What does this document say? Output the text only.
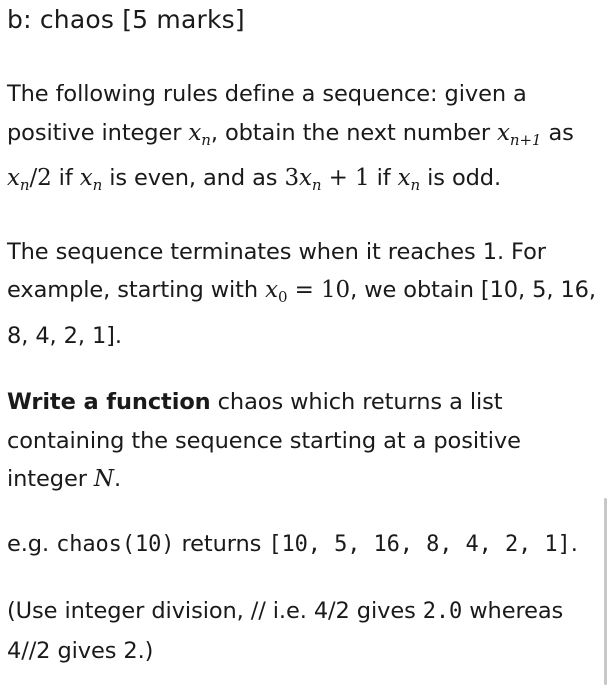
b: chaos [5 marks]

The following rules define a sequence: given a positive integer $x_n$, obtain the next number $x_{n+1}$ as $x_n/2$ if $x_n$ is even, and as $3x_n + 1$ if $x_n$ is odd.

The sequence terminates when it reaches 1. For example, starting with $x_0 = 10$, we obtain [10, 5, 16, 8, 4, 2, 1].

Write a function chaos which returns a list containing the sequence starting at a positive integer N.

e.g. chaos(10) returns [10, 5, 16, 8, 4, 2, 1].

(Use integer division, // i.e. 4/2 gives 2.0 whereas 4//2 gives 2.)
